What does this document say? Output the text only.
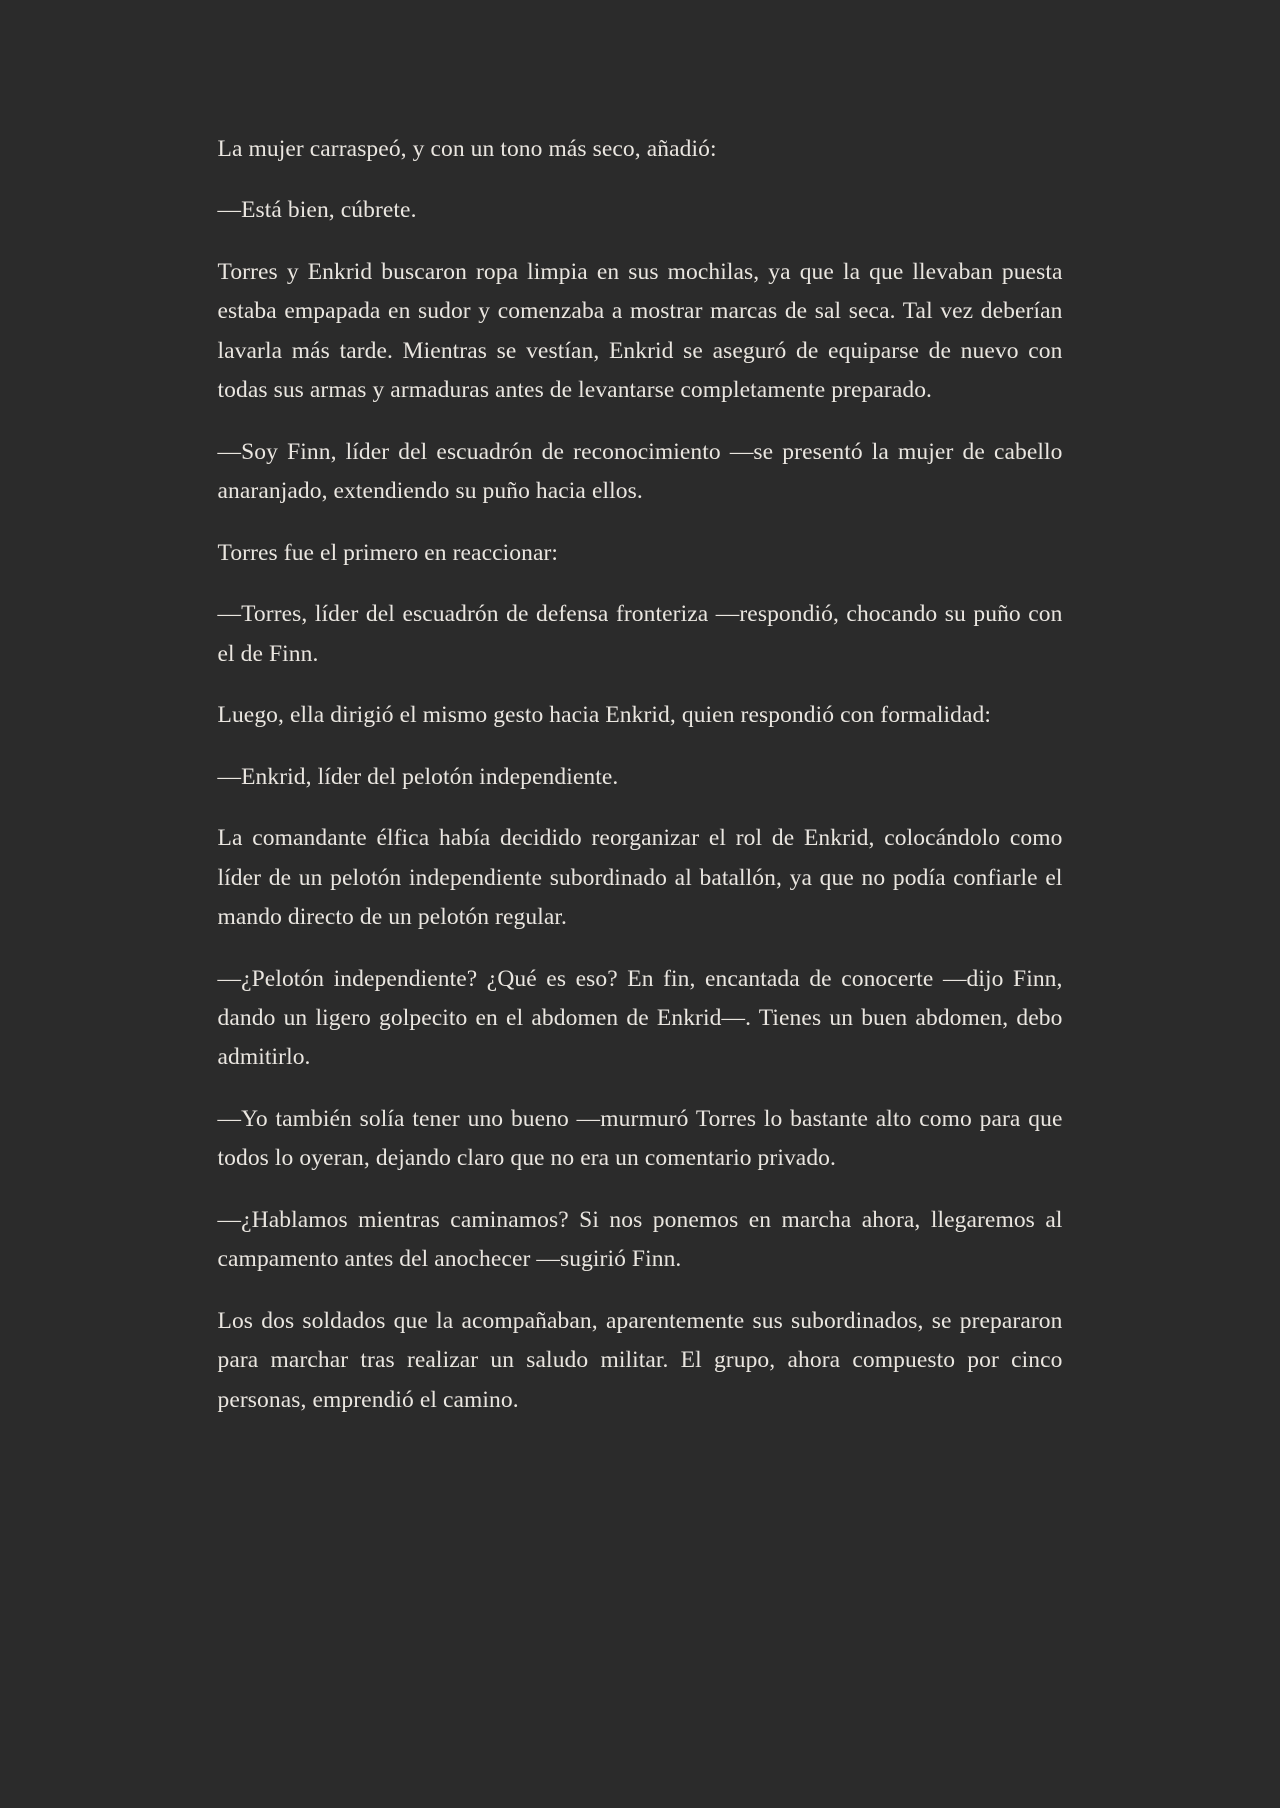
La mujer carraspeó, y con un tono más seco, añadió:

—Está bien, cúbrete.

Torres y Enkrid buscaron ropa limpia en sus mochilas, ya que la que llevaban puesta estaba empapada en sudor y comenzaba a mostrar marcas de sal seca. Tal vez deberían lavarla más tarde. Mientras se vestían, Enkrid se aseguró de equiparse de nuevo con todas sus armas y armaduras antes de levantarse completamente preparado.

—Soy Finn, líder del escuadrón de reconocimiento —se presentó la mujer de cabello anaranjado, extendiendo su puño hacia ellos.

Torres fue el primero en reaccionar:

—Torres, líder del escuadrón de defensa fronteriza —respondió, chocando su puño con el de Finn.

Luego, ella dirigió el mismo gesto hacia Enkrid, quien respondió con formalidad:

—Enkrid, líder del pelotón independiente.

La comandante élfica había decidido reorganizar el rol de Enkrid, colocándolo como líder de un pelotón independiente subordinado al batallón, ya que no podía confiarle el mando directo de un pelotón regular.

—¿Pelotón independiente? ¿Qué es eso? En fin, encantada de conocerte —dijo Finn, dando un ligero golpecito en el abdomen de Enkrid—. Tienes un buen abdomen, debo admitirlo.

—Yo también solía tener uno bueno —murmuró Torres lo bastante alto como para que todos lo oyeran, dejando claro que no era un comentario privado.

—¿Hablamos mientras caminamos? Si nos ponemos en marcha ahora, llegaremos al campamento antes del anochecer —sugirió Finn.

Los dos soldados que la acompañaban, aparentemente sus subordinados, se prepararon para marchar tras realizar un saludo militar. El grupo, ahora compuesto por cinco personas, emprendió el camino.
